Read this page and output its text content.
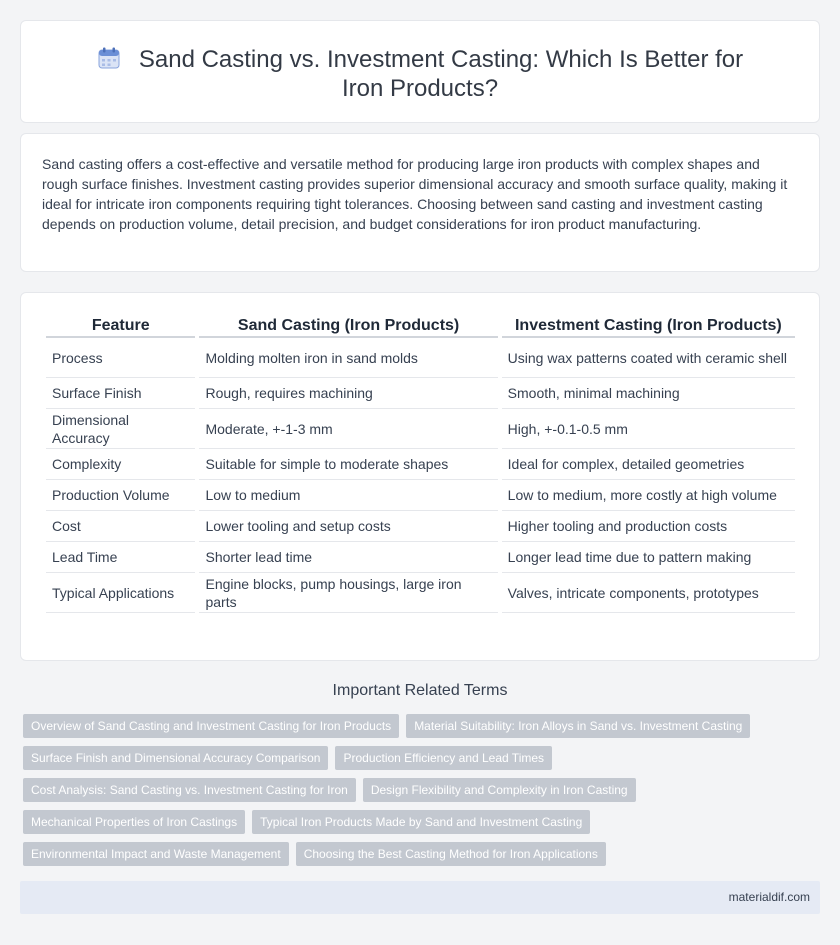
Sand Casting vs. Investment Casting: Which Is Better for Iron Products?

Sand casting offers a cost-effective and versatile method for producing large iron products with complex shapes and rough surface finishes. Investment casting provides superior dimensional accuracy and smooth surface quality, making it ideal for intricate iron components requiring tight tolerances. Choosing between sand casting and investment casting depends on production volume, detail precision, and budget considerations for iron product manufacturing.

Feature	Sand Casting (Iron Products)	Investment Casting (Iron Products)
Process	Molding molten iron in sand molds	Using wax patterns coated with ceramic shell
Surface Finish	Rough, requires machining	Smooth, minimal machining
Dimensional Accuracy	Moderate, +-1-3 mm	High, +-0.1-0.5 mm
Complexity	Suitable for simple to moderate shapes	Ideal for complex, detailed geometries
Production Volume	Low to medium	Low to medium, more costly at high volume
Cost	Lower tooling and setup costs	Higher tooling and production costs
Lead Time	Shorter lead time	Longer lead time due to pattern making
Typical Applications	Engine blocks, pump housings, large iron parts	Valves, intricate components, prototypes
Important Related Terms
Overview of Sand Casting and Investment Casting for Iron Products	Material Suitability: Iron Alloys in Sand vs. Investment Casting
Surface Finish and Dimensional Accuracy Comparison	Production Efficiency and Lead Times
Cost Analysis: Sand Casting vs. Investment Casting for Iron	Design Flexibility and Complexity in Iron Casting
Mechanical Properties of Iron Castings	Typical Iron Products Made by Sand and Investment Casting
Environmental Impact and Waste Management	Choosing the Best Casting Method for Iron Applications
materialdif.com
